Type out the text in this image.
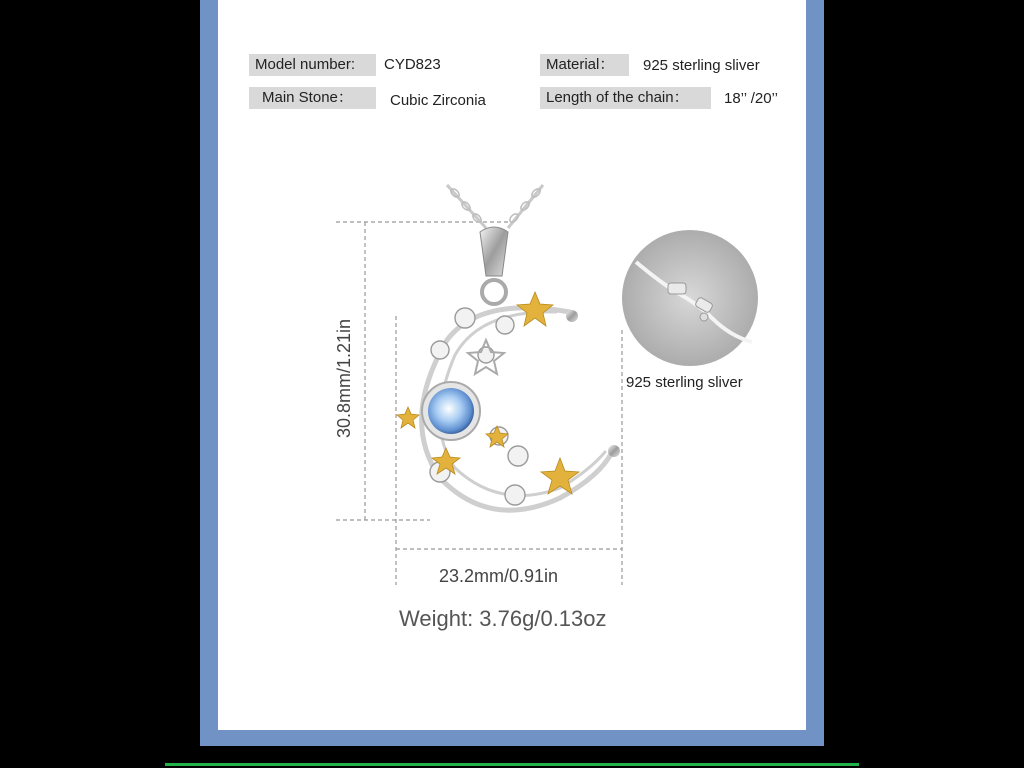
Model number:	CYD823	Material：	925 sterling sliver
Main Stone：	Cubic Zirconia	Length of the chain：	18’’ /20’’
925 sterling sliver
30.8mm/1.21in
23.2mm/0.91in
Weight: 3.76g/0.13oz
